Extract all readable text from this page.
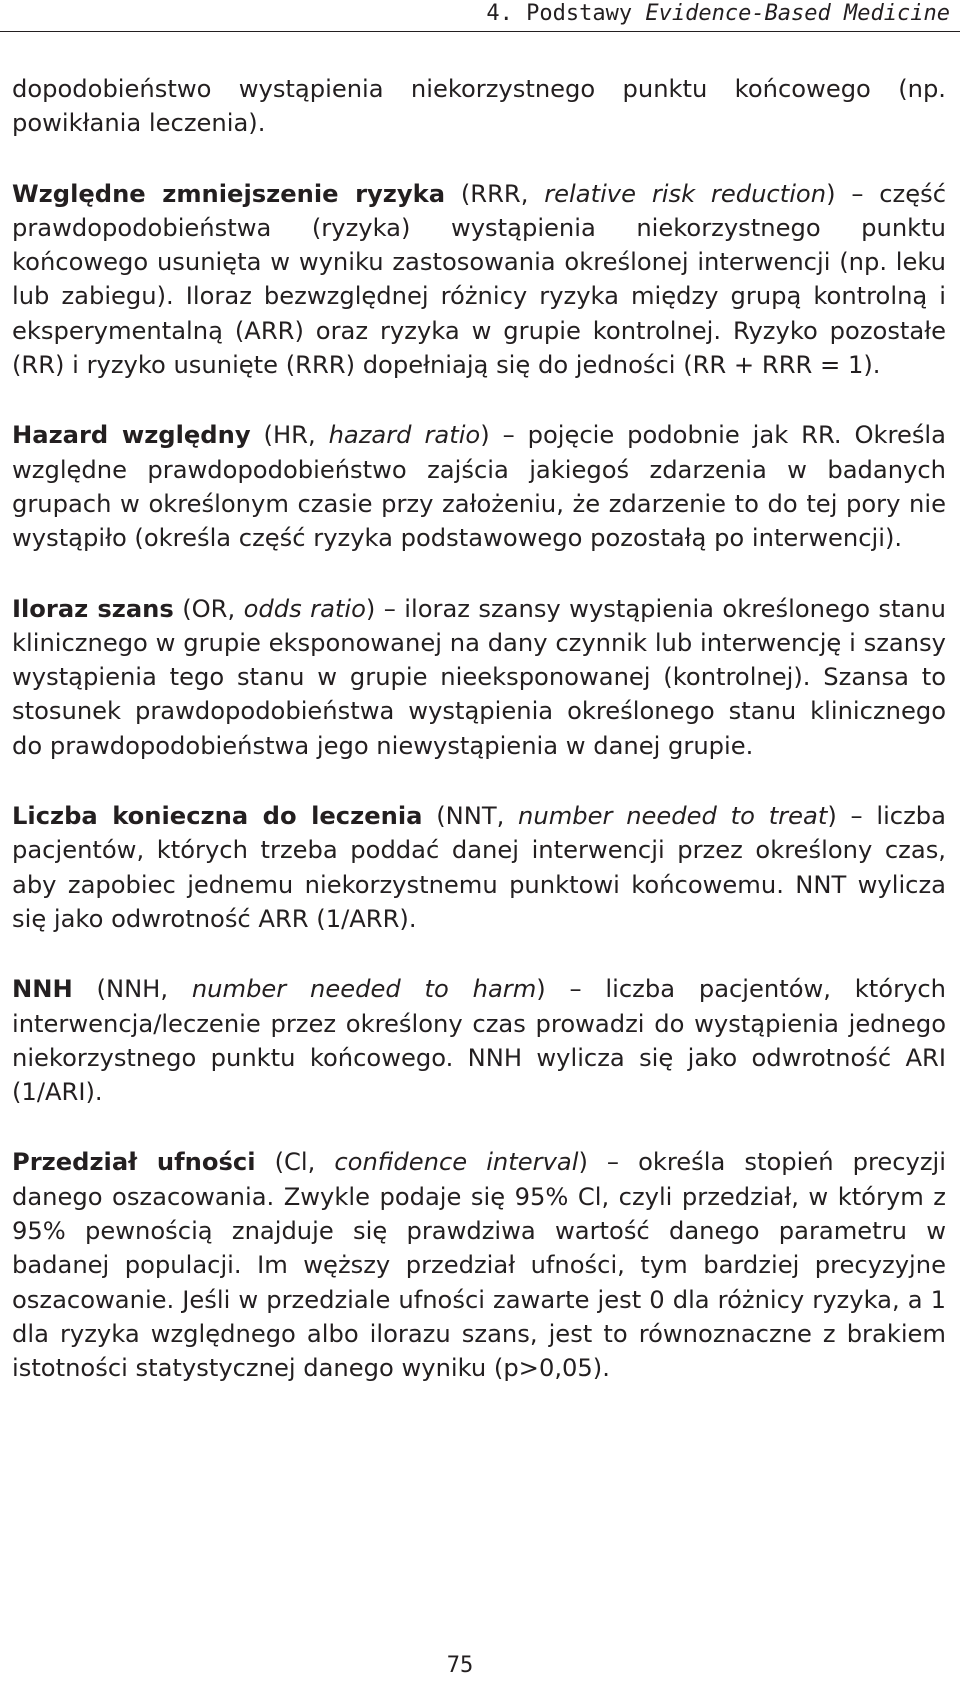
4. Podstawy Evidence-Based Medicine

dopodobieństwo wystąpienia niekorzystnego punktu końcowego (np. powikłania leczenia).

Względne zmniejszenie ryzyka (RRR, relative risk reduction) – część prawdopodobieństwa (ryzyka) wystąpienia niekorzystnego punktu końcowego usunięta w wyniku zastosowania określonej interwencji (np. leku lub zabiegu). Iloraz bezwzględnej różnicy ryzyka między grupą kontrolną i eksperymentalną (ARR) oraz ryzyka w grupie kontrolnej. Ryzyko pozostałe (RR) i ryzyko usunięte (RRR) dopełniają się do jedności (RR + RRR = 1).

Hazard względny (HR, hazard ratio) – pojęcie podobnie jak RR. Określa względne prawdopodobieństwo zajścia jakiegoś zdarzenia w badanych grupach w określonym czasie przy założeniu, że zdarzenie to do tej pory nie wystąpiło (określa część ryzyka podstawowego pozostałą po interwencji).

Iloraz szans (OR, odds ratio) – iloraz szansy wystąpienia określonego stanu klinicznego w grupie eksponowanej na dany czynnik lub interwencję i szansy wystąpienia tego stanu w grupie nieeksponowanej (kontrolnej). Szansa to stosunek prawdopodobieństwa wystąpienia określonego stanu klinicznego do prawdopodobieństwa jego niewystąpienia w danej grupie.

Liczba konieczna do leczenia (NNT, number needed to treat) – liczba pacjentów, których trzeba poddać danej interwencji przez określony czas, aby zapobiec jednemu niekorzystnemu punktowi końcowemu. NNT wylicza się jako odwrotność ARR (1/ARR).

NNH (NNH, number needed to harm) – liczba pacjentów, których interwencja/leczenie przez określony czas prowadzi do wystąpienia jednego niekorzystnego punktu końcowego. NNH wylicza się jako odwrotność ARI (1/ARI).

Przedział ufności (Cl, confidence interval) – określa stopień precyzji danego oszacowania. Zwykle podaje się 95% Cl, czyli przedział, w którym z 95% pewnością znajduje się prawdziwa wartość danego parametru w badanej populacji. Im węższy przedział ufności, tym bardziej precyzyjne oszacowanie. Jeśli w przedziale ufności zawarte jest 0 dla różnicy ryzyka, a 1 dla ryzyka względnego albo ilorazu szans, jest to równoznaczne z brakiem istotności statystycznej danego wyniku (p>0,05).

75
